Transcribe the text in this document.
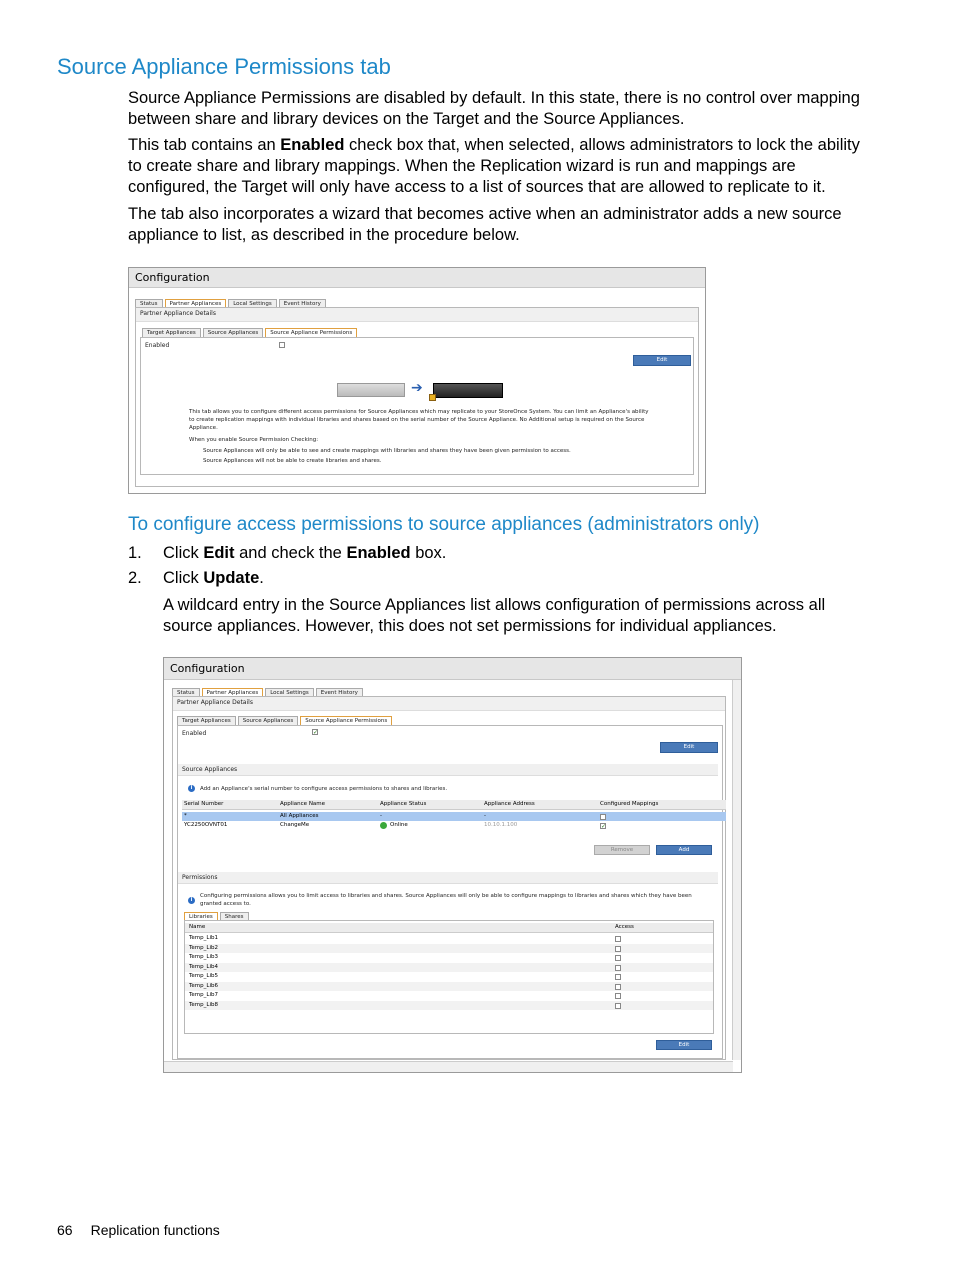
Source Appliance Permissions tab
Source Appliance Permissions are disabled by default. In this state, there is no control over mapping between share and library devices on the Target and the Source Appliances.
This tab contains an Enabled check box that, when selected, allows administrators to lock the ability to create share and library mappings. When the Replication wizard is run and mappings are configured, the Target will only have access to a list of sources that are allowed to replicate to it.
The tab also incorporates a wizard that becomes active when an administrator adds a new source appliance to list, as described in the procedure below.
Configuration
Status	Partner Appliances	Local Settings	Event History
Partner Appliance Details
Target Appliances	Source Appliances	Source Appliance Permissions
Enabled
Edit
➔
This tab allows you to configure different access permissions for Source Appliances which may replicate to your StoreOnce System. You can limit an Appliance's ability to create replication mappings with individual libraries and shares based on the serial number of the Source Appliance. No Additional setup is required on the Source Appliance.
When you enable Source Permission Checking:
Source Appliances will only be able to see and create mappings with libraries and shares they have been given permission to access.
Source Appliances will not be able to create libraries and shares.
To configure access permissions to source appliances (administrators only)
1. Click Edit and check the Enabled box.
2. Click Update.
A wildcard entry in the Source Appliances list allows configuration of permissions across all source appliances. However, this does not set permissions for individual appliances.
Configuration
Status	Partner Appliances	Local Settings	Event History
Partner Appliance Details
Target Appliances	Source Appliances	Source Appliance Permissions
Enabled	✓
Edit
Source Appliances
i	Add an Appliance's serial number to configure access permissions to shares and libraries.
Serial Number	Appliance Name	Appliance Status	Appliance Address	Configured Mappings
*	All Appliances	-	-
YC2250OVNT01	ChangeMe	Online	10.10.1.100	✓
Remove	Add
Permissions
i
Configuring permissions allows you to limit access to libraries and shares. Source Appliances will only be able to configure mappings to libraries and shares which they have been granted access to.
Libraries	Shares
Name	Access
Temp_Lib1
Temp_Lib2
Temp_Lib3
Temp_Lib4
Temp_Lib5
Temp_Lib6
Temp_Lib7
Temp_Lib8
Edit
66 Replication functions
